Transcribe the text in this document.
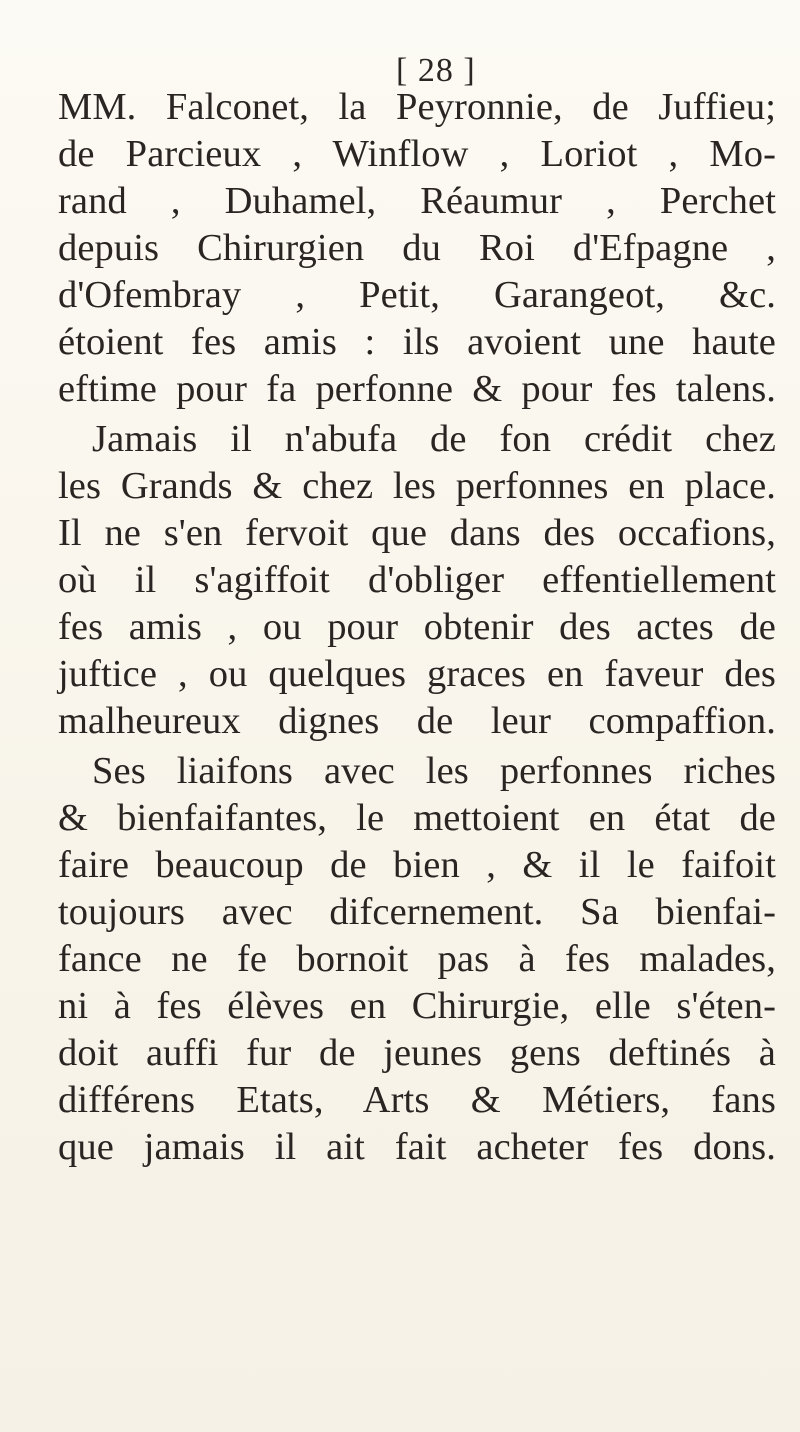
[ 28 ]
MM. Falconet, la Peyronnie, de Juffieu;
de Parcieux , Winflow , Loriot , Mo-
rand , Duhamel, Réaumur , Perchet
depuis Chirurgien du Roi d'Efpagne ,
d'Ofembray , Petit, Garangeot, &c.
étoient fes amis : ils avoient une haute
eftime pour fa perfonne & pour fes talens.
Jamais il n'abufa de fon crédit chez
les Grands & chez les perfonnes en place.
Il ne s'en fervoit que dans des occafions,
où il s'agiffoit d'obliger effentiellement
fes amis , ou pour obtenir des actes de
juftice , ou quelques graces en faveur des
malheureux dignes de leur compaffion.
Ses liaifons avec les perfonnes riches
& bienfaifantes, le mettoient en état de
faire beaucoup de bien , & il le faifoit
toujours avec difcernement. Sa bienfai-
fance ne fe bornoit pas à fes malades,
ni à fes élèves en Chirurgie, elle s'éten-
doit auffi fur de jeunes gens deftinés à
différens Etats, Arts & Métiers, fans
que jamais il ait fait acheter fes dons.
